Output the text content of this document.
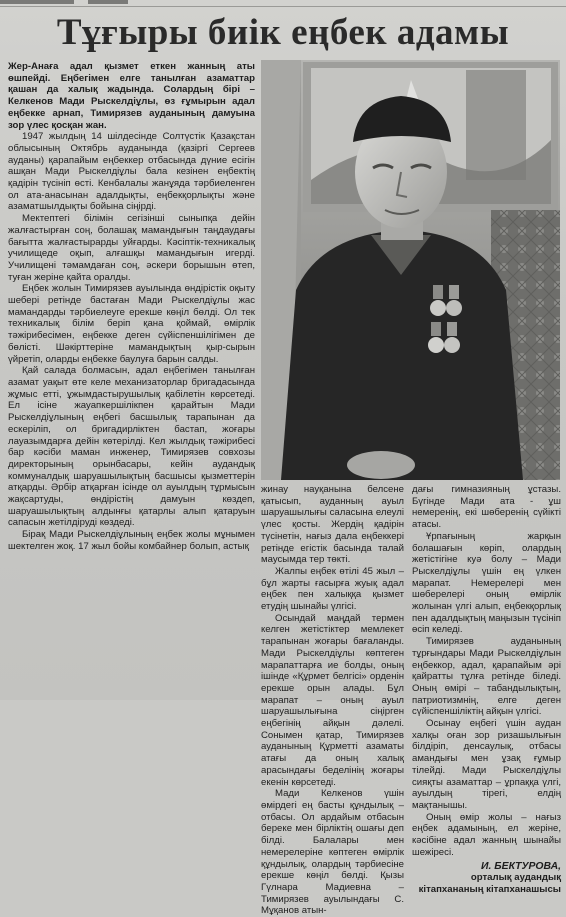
Тұғыры биік еңбек адамы

Жер-Анаға адал қызмет еткен жанның аты өшпейді. Еңбегімен елге танылған азаматтар қашан да халық жадында. Солардың бірі – Келкенов Мади Рыскелдіұлы, өз ғұмырын адал еңбекке арнап, Тимирязев ауданының дамуына зор үлес қосқан жан.

1947 жылдың 14 шілдесінде Солтүстік Қазақстан облысының Октябрь ауданында (қазіргі Сергеев ауданы) қарапайым еңбеккер отбасында дүние есігін ашқан Мади Рыскелдіұлы бала кезінен еңбектің қадірін түсініп өсті. Кенбалалы жанұяда тәрбиеленген ол ата-анасынан адалдықты, еңбекқорлықты және азаматшылдықты бойына сіңірді.

Мектептегі білімін сегізінші сыныпқа дейін жалғастырған соң, болашақ мамандығын таңдаудағы бағытта жалғастырарды уйғарды. Кәсіптік-техникалық училищеде оқып, алғашқы мамандығын игерді. Училищені тәмамдаған соң, әскери борышын өтеп, туған жеріне қайта оралды.

Еңбек жолын Тимирязев ауылында өндірістік оқыту шебері ретінде бастаған Мади Рыскелдіұлы жас мамандарды тәрбиелеуге ерекше көңіл бөлді. Ол тек техникалық білім беріп қана қоймай, өмірлік тәжірибесімен, еңбекке деген сүйіспеншілігімен де бөлісті. Шәкірттеріне мамандықтың қыр-сырын үйретіп, оларды еңбекке баулуға барын салды.

Қай салада болмасын, адал еңбегімен танылған азамат уақыт өте келе механизаторлар бригадасында жұмыс етті, ұжымдастырушылық қабілетін көрсетеді. Ел ісіне жауапкершілікпен қарайтын Мади Рыскелдіұлының еңбегі басшылық тарапынан да ескеріліп, ол бригадирліктен бастап, жоғары лауазымдарға дейін көтерілді. Кел жылдық тәжірибесі бар кәсіби маман инженер, Тимирязев совхозы директорының орынбасары, кейін аудандық коммуналдық шаруашылықтың басшысы қызметтерін атқарды. Әрбір атқарған ісінде ол ауылдың тұрмысын жақсартуды, өндірістің дамуын көздеп, шаруашылықтың алдынғы қатарлы алып қатаруын сапасын жетілдіруді көздеді.

Бірақ Мади Рыскелдіұлының еңбек жолы мұнымен шектелген жоқ. 17 жыл бойы комбайнер болып, астық

жинау науқанына белсене қатысып, ауданның ауыл шаруашылығы саласына елеулі үлес қосты. Жердің қадірін түсінетін, нағыз дала еңбеккері ретінде егістік басында талай маусымда тер төкті.

Жалпы еңбек өтілі 45 жыл – бұл жарты ғасырға жуық адал еңбек пен халыққа қызмет етудің шынайы үлгісі.

Осындай маңдай термен келген жетістіктер мемлекет тарапынан жоғары бағаланды. Мади Рыскелдіұлы көптеген марапаттарға ие болды, оның ішінде «Құрмет белгісі» орденін ерекше орын алады. Бұл марапат – оның ауыл шаруашылығына сіңірген еңбегінің айқын дәлелі. Сонымен қатар, Тимирязев ауданының Құрметті азаматы атағы да оның халық арасындағы беделінің жоғары екенін көрсетеді.

Мади Келкенов үшін өмірдегі ең басты құндылық – отбасы. Ол ардайым отбасын береке мен бірліктің ошағы деп білді. Балалары мен немерелеріне көптеген өмірлік құндылық, олардың тәрбиесіне ерекше көңіл бөлді. Қызы Гүлнара Мадиевна – Тимирязев ауылындағы С. Мұқанов атын-

дағы гимназияның ұстазы. Бүгінде Мади ата - ұш немеренің, екі шөберенің сүйікті атасы.

Ұрпағының жарқын болашағын көріп, олардың жетістігіне куә болу – Мади Рыскелдіұлы үшін ең үлкен марапат. Немерелері мен шөберелері оның өмірлік жолынан үлгі алып, еңбекқорлық пен адалдықтың маңызын түсініп өсіп келеді.

Тимирязев ауданының тұрғындары Мади Рыскелдіұлын еңбеккор, адал, қарапайым әрі қайратты тұлға ретінде біледі. Оның өмірі – табандылықтың, патриотизмнің, елге деген сүйіспеншіліктің айқын үлгісі.

Осынау еңбегі үшін аудан халқы оған зор ризашылығын білдіріп, денсаулық, отбасы амандығы мен ұзақ ғұмыр тілейді. Мади Рыскелдіұлы сияқты азаматтар – ұрпаққа үлгі, ауылдың тірегі, елдің мақтанышы.

Оның өмір жолы – нағыз еңбек адамының, ел жеріне, кәсібіне адал жанның шынайы шежіресі.

И. БЕКТУРОВА,

орталық аудандық кітапхананың кітапханашысы
